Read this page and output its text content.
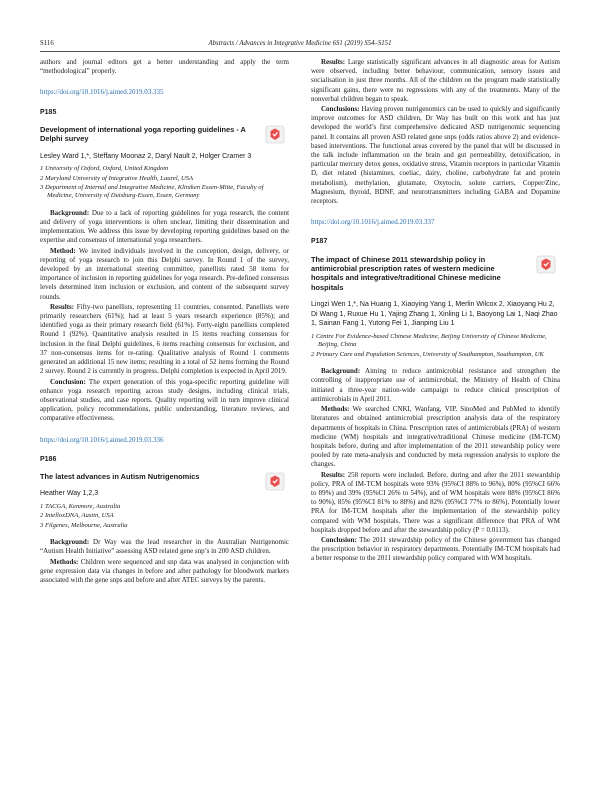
S116	Abstracts / Advances in Integrative Medicine 6S1 (2019) S54–S151

authors and journal editors get a better understanding and apply the term “methodological” properly.

https://doi.org/10.1016/j.aimed.2019.03.335
P185
Development of international yoga reporting guidelines - A Delphi survey
Lesley Ward 1,*, Steffany Moonaz 2, Daryl Nault 2, Holger Cramer 3
1 University of Oxford, Oxford, United Kingdom
2 Maryland University of Integrative Health, Laurel, USA
3 Department of Internal and Integrative Medicine, Kliniken Essen-Mitte, Faculty of Medicine, University of Duisburg-Essen, Essen, Germany

Background: Due to a lack of reporting guidelines for yoga research, the content and delivery of yoga interventions is often unclear, limiting their dissemination and implementation. We address this issue by developing reporting guidelines based on the expertise and consensus of international yoga researchers.

Method: We invited individuals involved in the conception, design, delivery, or reporting of yoga research to join this Delphi survey. In Round 1 of the survey, developed by an international steering committee, panellists rated 58 items for importance of inclusion in reporting guidelines for yoga research. Pre-defined consensus levels determined item inclusion or exclusion, and content of the subsequent survey rounds.

Results: Fifty-two panellists, representing 11 countries, consented. Panellists were primarily researchers (61%); had at least 5 years research experience (85%); and identified yoga as their primary research field (61%). Forty-eight panellists completed Round 1 (92%). Quantitative analysis resulted in 15 items reaching consensus for inclusion in the final Delphi guidelines, 6 items reaching consensus for exclusion, and 37 non-consensus items for re-rating. Qualitative analysis of Round 1 comments generated an additional 15 new items; resulting in a total of 52 items forming the Round 2 survey. Round 2 is currently in progress. Delphi completion is expected in April 2019.

Conclusion: The expert generation of this yoga-specific reporting guideline will enhance yoga research reporting across study designs, including clinical trials, observational studies, and case reports. Quality reporting will in turn improve clinical application, policy recommendations, public understanding, literature reviews, and comparative effectiveness.

https://doi.org/10.1016/j.aimed.2019.03.336
P186
The latest advances in Autism Nutrigenomics
Heather Way 1,2,3
1 TACGA, Kenmore, Australia
2 IntelloxDNA, Austin, USA
3 Filgenes, Melbourne, Australia

Background: Dr Way was the lead researcher in the Australian Nutrigenomic “Autism Health Initiative” assessing ASD related gene snp’s in 200 ASD children.

Methods: Children were sequenced and snp data was analysed in conjunction with gene expression data via changes in before and after pathology for bloodwork markers associated with the gene snps and before and after ATEC surveys by the parents.

Results: Large statistically significant advances in all diagnostic areas for Autism were observed, including better behaviour, communication, sensory issues and socialisation in just three months. All of the children on the program made statistically significant gains, there were no regressions with any of the treatments. Many of the nonverbal children began to speak.

Conclusions: Having proven nutrigenomics can be used to quickly and significantly improve outcomes for ASD children, Dr Way has built on this work and has just developed the world’s first comprehensive dedicated ASD nutrigenomic sequencing panel. It contains all proven ASD related gene snps (odds ratios above 2) and evidence-based interventions. The functional areas covered by the panel that will be discussed in the talk include inflammation on the brain and gut permeability, detoxification, in particular mercury detox genes, oxidative stress, Vitamin receptors in particular Vitamin D, diet related (histamines, coeliac, dairy, choline, carbohydrate fat and protein metabolism), methylation, glutamate, Oxytocin, solute carriers, Copper/Zinc, Magnesium, thyroid, BDNF, and neurotransmitters including GABA and Dopamine receptors.

https://doi.org/10.1016/j.aimed.2019.03.337
P187
The impact of Chinese 2011 stewardship policy in antimicrobial prescription rates of western medicine hospitals and integrative/traditional Chinese medicine hospitals
Lingzi Wen 1,*, Na Huang 1, Xiaoying Yang 1, Merlin Wilcox 2, Xiaoyang Hu 2, Di Wang 1, Ruxue Hu 1, Yajing Zhang 1, Xinling Li 1, Baoyong Lai 1, Naqi Zhao 1, Sainan Fang 1, Yutong Fei 1, Jianping Liu 1
1 Centre For Evidence-based Chinese Medicine, Beijing University of Chinese Medicine, Beijing, China
2 Primary Care and Population Sciences, University of Southampton, Southampton, UK

Background: Aiming to reduce antimicrobial resistance and strengthen the controlling of inappropriate use of antimicrobial, the Ministry of Health of China initiated a three-year nation-wide campaign to reduce clinical prescription of antimicrobials in April 2011.

Methods: We searched CNKI, Wanfang, VIP, SinoMed and PubMed to identify literatures and obtained antimicrobial prescription analysis data of the respiratory departments of hospitals in China. Prescription rates of antimicrobials (PRA) of western medicine (WM) hospitals and integrative/traditional Chinese medicine (IM-TCM) hospitals before, during and after implementation of the 2011 stewardship policy were pooled by rate meta-analysis and conducted by meta regression analysis to explore the changes.

Results: 258 reports were included. Before, during and after the 2011 stewardship policy, PRA of IM-TCM hospitals were 93% (95%CI 88% to 96%), 80% (95%CI 66% to 89%) and 39% (95%CI 26% to 54%), and of WM hospitals were 88% (95%CI 86% to 90%), 85% (95%CI 81% to 88%) and 82% (95%CI 77% to 86%). Potentially lower PRA for IM-TCM hospitals after the implementation of the stewardship policy compared with WM hospitals. There was a significant difference that PRA of WM hospitals dropped before and after the stewardship policy (P = 0.0113).

Conclusion: The 2011 stewardship policy of the Chinese government has changed the prescription behavior in respiratory departments. Potentially IM-TCM hospitals had a better response to the 2011 stewardship policy compared with WM hospitals.
